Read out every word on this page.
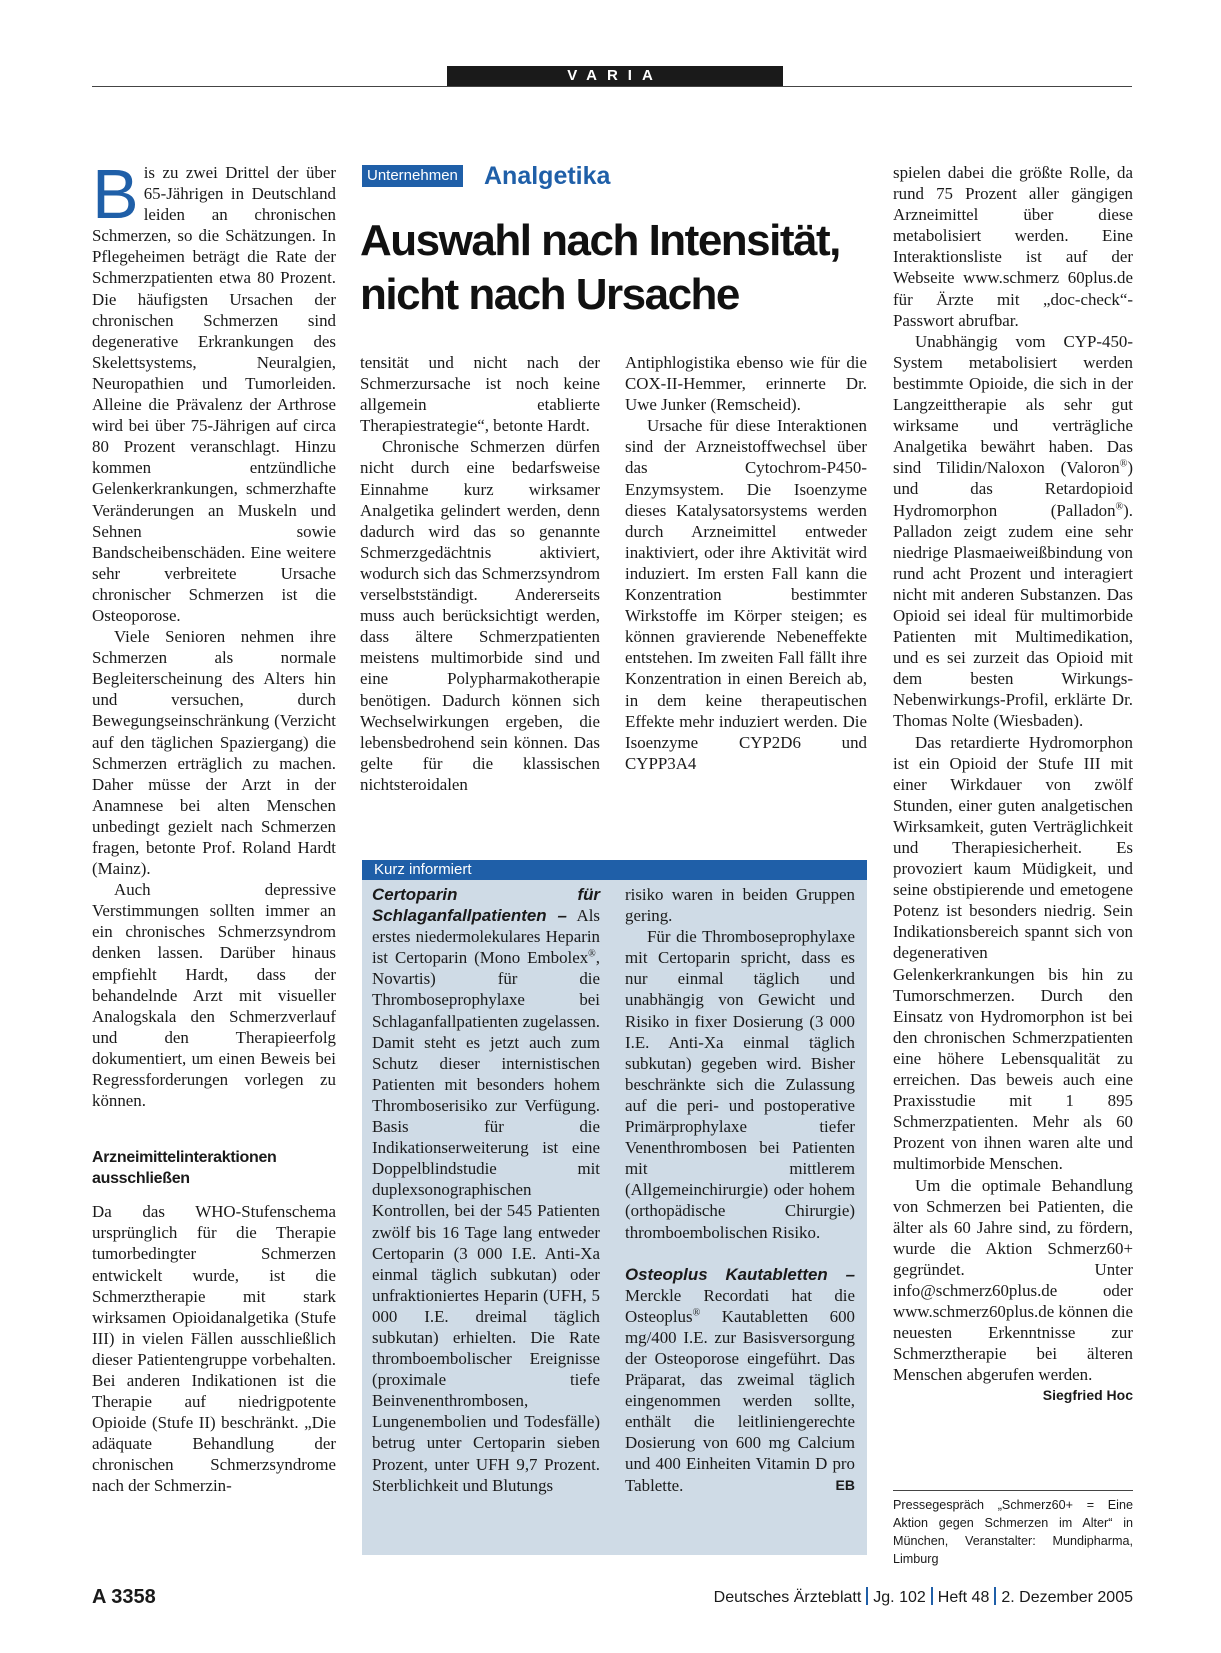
VARIA

Bis zu zwei Drittel der über 65-Jährigen in Deutschland leiden an chronischen Schmerzen, so die Schätzungen. In Pflegeheimen beträgt die Rate der Schmerzpatienten etwa 80 Prozent. Die häufigsten Ursachen der chronischen Schmerzen sind degenerative Erkrankungen des Skelettsystems, Neuralgien, Neuropathien und Tumorleiden. Alleine die Prävalenz der Arthrose wird bei über 75-Jährigen auf circa 80 Prozent veranschlagt. Hinzu kommen entzündliche Gelenkerkrankungen, schmerzhafte Veränderungen an Muskeln und Sehnen sowie Bandscheibenschäden. Eine weitere sehr verbreitete Ursache chronischer Schmerzen ist die Osteoporose.

Viele Senioren nehmen ihre Schmerzen als normale Begleiterscheinung des Alters hin und versuchen, durch Bewegungseinschränkung (Verzicht auf den täglichen Spaziergang) die Schmerzen erträglich zu machen. Daher müsse der Arzt in der Anamnese bei alten Menschen unbedingt gezielt nach Schmerzen fragen, betonte Prof. Roland Hardt (Mainz).

Auch depressive Verstimmungen sollten immer an ein chronisches Schmerzsyndrom denken lassen. Darüber hinaus empfiehlt Hardt, dass der behandelnde Arzt mit visueller Analogskala den Schmerzverlauf und den Therapieerfolg dokumentiert, um einen Beweis bei Regressforderungen vorlegen zu können.

Arzneimittelinteraktionen ausschließen

Da das WHO-Stufenschema ursprünglich für die Therapie tumorbedingter Schmerzen entwickelt wurde, ist die Schmerztherapie mit stark wirksamen Opioidanalgetika (Stufe III) in vielen Fällen ausschließlich dieser Patientengruppe vorbehalten. Bei anderen Indikationen ist die Therapie auf niedrigpotente Opioide (Stufe II) beschränkt. „Die adäquate Behandlung der chronischen Schmerzsyndrome nach der Schmerzin-

Unternehmen Analgetika
Auswahl nach Intensität,
nicht nach Ursache

tensität und nicht nach der Schmerzursache ist noch keine allgemein etablierte Therapiestrategie“, betonte Hardt.

Chronische Schmerzen dürfen nicht durch eine bedarfsweise Einnahme kurz wirksamer Analgetika gelindert werden, denn dadurch wird das so genannte Schmerzgedächtnis aktiviert, wodurch sich das Schmerzsyndrom verselbstständigt. Andererseits muss auch berücksichtigt werden, dass ältere Schmerzpatienten meistens multimorbide sind und eine Polypharmakotherapie benötigen. Dadurch können sich Wechselwirkungen ergeben, die lebensbedrohend sein können. Das gelte für die klassischen nichtsteroidalen

Antiphlogistika ebenso wie für die COX-II-Hemmer, erinnerte Dr. Uwe Junker (Remscheid).

Ursache für diese Interaktionen sind der Arzneistoffwechsel über das Cytochrom-P450-Enzymsystem. Die Isoenzyme dieses Katalysatorsystems werden durch Arzneimittel entweder inaktiviert, oder ihre Aktivität wird induziert. Im ersten Fall kann die Konzentration bestimmter Wirkstoffe im Körper steigen; es können gravierende Nebeneffekte entstehen. Im zweiten Fall fällt ihre Konzentration in einen Bereich ab, in dem keine therapeutischen Effekte mehr induziert werden. Die Isoenzyme CYP2D6 und CYPP3A4

Kurz informiert

Certoparin für Schlaganfallpatienten – Als erstes niedermolekulares Heparin ist Certoparin (Mono Embolex®, Novartis) für die Thromboseprophylaxe bei Schlaganfallpatienten zugelassen. Damit steht es jetzt auch zum Schutz dieser internistischen Patienten mit besonders hohem Thromboserisiko zur Verfügung. Basis für die Indikationserweiterung ist eine Doppelblindstudie mit duplexsonographischen Kontrollen, bei der 545 Patienten zwölf bis 16 Tage lang entweder Certoparin (3 000 I.E. Anti-Xa einmal täglich subkutan) oder unfraktioniertes Heparin (UFH, 5 000 I.E. dreimal täglich subkutan) erhielten. Die Rate thromboembolischer Ereignisse (proximale tiefe Beinvenenthrombosen, Lungenembolien und Todesfälle) betrug unter Certoparin sieben Prozent, unter UFH 9,7 Prozent. Sterblichkeit und Blutungs

risiko waren in beiden Gruppen gering.

Für die Thromboseprophylaxe mit Certoparin spricht, dass es nur einmal täglich und unabhängig von Gewicht und Risiko in fixer Dosierung (3 000 I.E. Anti-Xa einmal täglich subkutan) gegeben wird. Bisher beschränkte sich die Zulassung auf die peri- und postoperative Primärprophylaxe tiefer Venenthrombosen bei Patienten mit mittlerem (Allgemeinchirurgie) oder hohem (orthopädische Chirurgie) thromboembolischen Risiko.

Osteoplus Kautabletten – Merckle Recordati hat die Osteoplus® Kautabletten 600 mg/400 I.E. zur Basisversorgung der Osteoporose eingeführt. Das Präparat, das zweimal täglich eingenommen werden sollte, enthält die leitliniengerechte Dosierung von 600 mg Calcium und 400 Einheiten Vitamin D pro Tablette.	EB

spielen dabei die größte Rolle, da rund 75 Prozent aller gängigen Arzneimittel über diese metabolisiert werden. Eine Interaktionsliste ist auf der Webseite www.schmerz 60plus.de für Ärzte mit „doc-check“-Passwort abrufbar.

Unabhängig vom CYP-450-System metabolisiert werden bestimmte Opioide, die sich in der Langzeittherapie als sehr gut wirksame und verträgliche Analgetika bewährt haben. Das sind Tilidin/Naloxon (Valoron®) und das Retardopioid Hydromorphon (Palladon®). Palladon zeigt zudem eine sehr niedrige Plasmaeiweißbindung von rund acht Prozent und interagiert nicht mit anderen Substanzen. Das Opioid sei ideal für multimorbide Patienten mit Multimedikation, und es sei zurzeit das Opioid mit dem besten Wirkungs-Nebenwirkungs-Profil, erklärte Dr. Thomas Nolte (Wiesbaden).

Das retardierte Hydromorphon ist ein Opioid der Stufe III mit einer Wirkdauer von zwölf Stunden, einer guten analgetischen Wirksamkeit, guten Verträglichkeit und Therapiesicherheit. Es provoziert kaum Müdigkeit, und seine obstipierende und emetogene Potenz ist besonders niedrig. Sein Indikationsbereich spannt sich von degenerativen Gelenkerkrankungen bis hin zu Tumorschmerzen. Durch den Einsatz von Hydromorphon ist bei den chronischen Schmerzpatienten eine höhere Lebensqualität zu erreichen. Das beweis auch eine Praxisstudie mit 1 895 Schmerzpatienten. Mehr als 60 Prozent von ihnen waren alte und multimorbide Menschen.

Um die optimale Behandlung von Schmerzen bei Patienten, die älter als 60 Jahre sind, zu fördern, wurde die Aktion Schmerz60+ gegründet. Unter info@schmerz60plus.de oder www.schmerz60plus.de können die neuesten Erkenntnisse zur Schmerztherapie bei älteren Menschen abgerufen werden.
Siegfried Hoc

Pressegespräch „Schmerz60+ = Eine Aktion gegen Schmerzen im Alter“ in München, Veranstalter: Mundipharma, Limburg
A 3358	Deutsches Ärzteblatt Jg. 102 Heft 48 2. Dezember 2005
